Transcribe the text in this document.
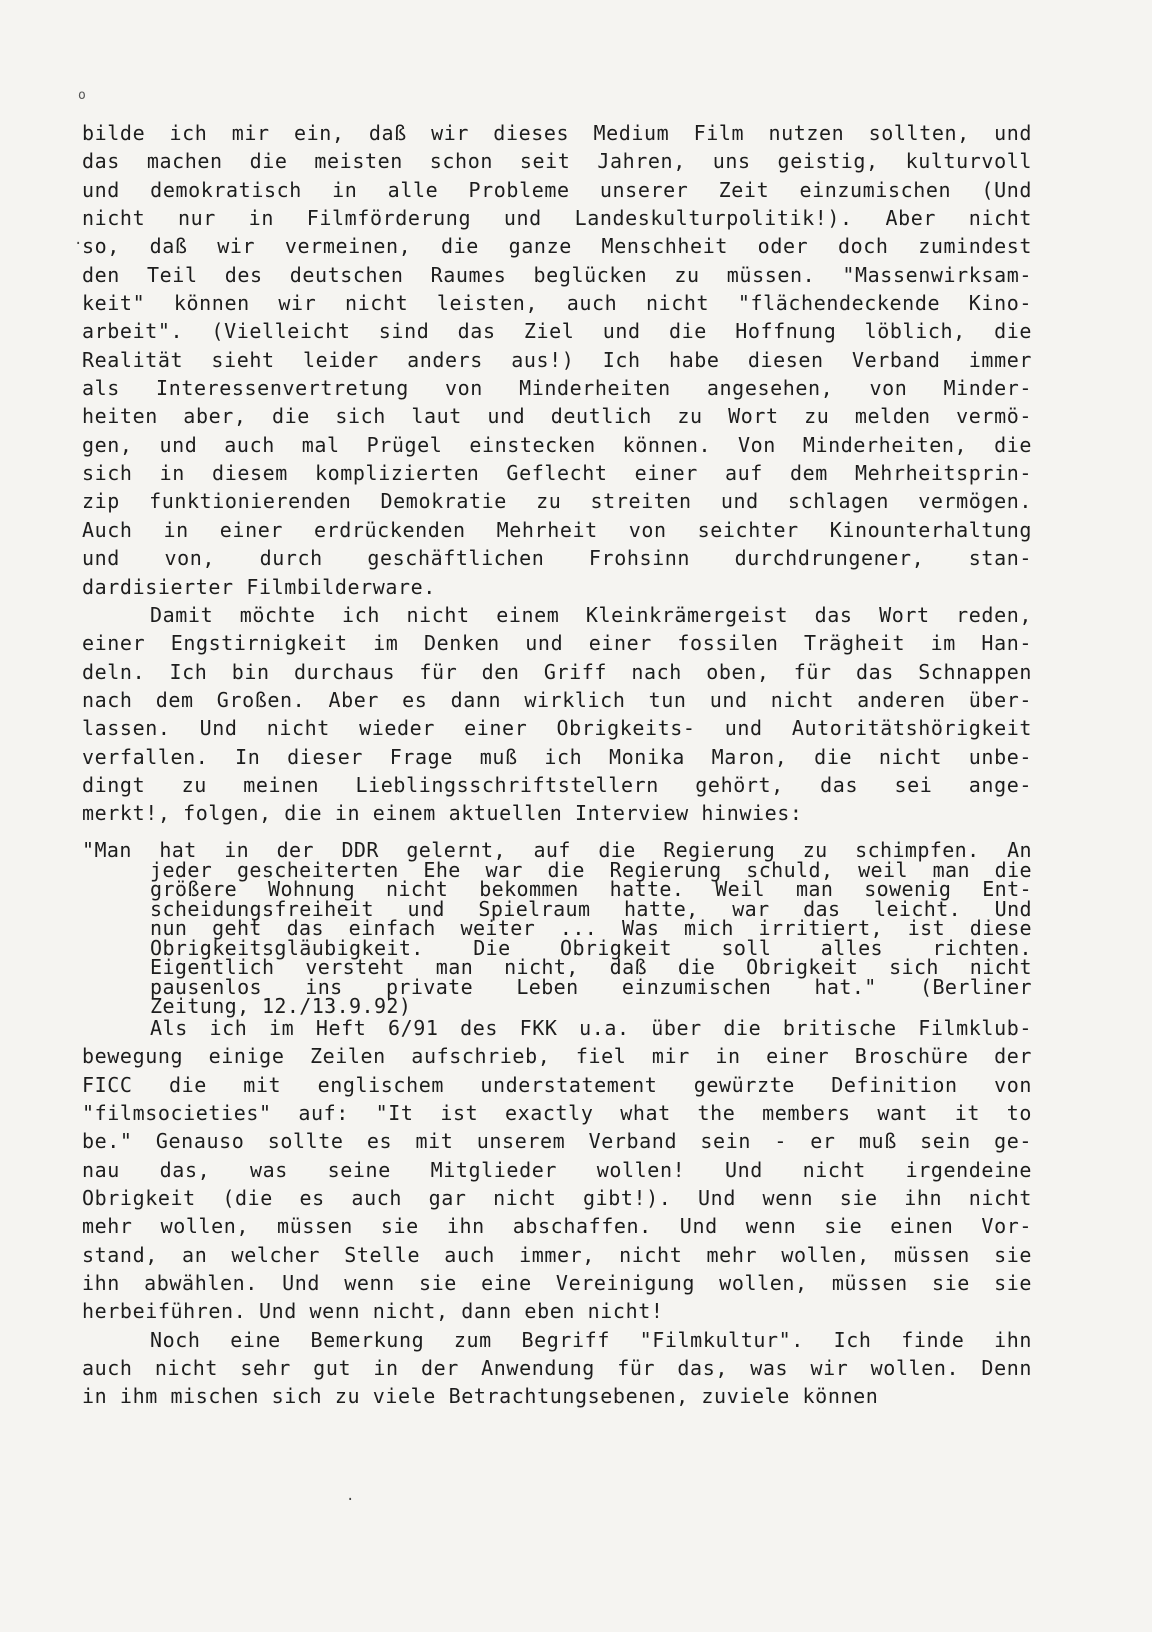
o
bilde ich mir ein, daß wir dieses Medium Film nutzen sollten, und
das machen die meisten schon seit Jahren, uns geistig, kulturvoll
und demokratisch in alle Probleme unserer Zeit einzumischen (Und
nicht nur in Filmförderung und Landeskulturpolitik!). Aber nicht
so, daß wir vermeinen, die ganze Menschheit oder doch zumindest
den Teil des deutschen Raumes beglücken zu müssen. "Massenwirksam-
keit" können wir nicht leisten, auch nicht "flächendeckende Kino-
arbeit". (Vielleicht sind das Ziel und die Hoffnung löblich, die
Realität sieht leider anders aus!) Ich habe diesen Verband immer
als Interessenvertretung von Minderheiten angesehen, von Minder-
heiten aber, die sich laut und deutlich zu Wort zu melden vermö-
gen, und auch mal Prügel einstecken können. Von Minderheiten, die
sich in diesem komplizierten Geflecht einer auf dem Mehrheitsprin-
zip funktionierenden Demokratie zu streiten und schlagen vermögen.
Auch in einer erdrückenden Mehrheit von seichter Kinounterhaltung
und von, durch geschäftlichen Frohsinn durchdrungener, stan-
dardisierter Filmbilderware.
Damit möchte ich nicht einem Kleinkrämergeist das Wort reden,
einer Engstirnigkeit im Denken und einer fossilen Trägheit im Han-
deln. Ich bin durchaus für den Griff nach oben, für das Schnappen
nach dem Großen. Aber es dann wirklich tun und nicht anderen über-
lassen. Und nicht wieder einer Obrigkeits- und Autoritätshörigkeit
verfallen. In dieser Frage muß ich Monika Maron, die nicht unbe-
dingt zu meinen Lieblingsschriftstellern gehört, das sei ange-
merkt!, folgen, die in einem aktuellen Interview hinwies:
"Man hat in der DDR gelernt, auf die Regierung zu schimpfen. An
jeder gescheiterten Ehe war die Regierung schuld, weil man die
größere Wohnung nicht bekommen hatte. Weil man sowenig Ent-
scheidungsfreiheit und Spielraum hatte, war das leicht. Und
nun geht das einfach weiter ... Was mich irritiert, ist diese
Obrigkeitsgläubigkeit. Die Obrigkeit soll alles richten.
Eigentlich versteht man nicht, daß die Obrigkeit sich nicht
pausenlos ins private Leben einzumischen hat." (Berliner
Zeitung, 12./13.9.92)
Als ich im Heft 6/91 des FKK u.a. über die britische Filmklub-
bewegung einige Zeilen aufschrieb, fiel mir in einer Broschüre der
FICC die mit englischem understatement gewürzte Definition von
"filmsocieties" auf: "It ist exactly what the members want it to
be." Genauso sollte es mit unserem Verband sein - er muß sein ge-
nau das, was seine Mitglieder wollen! Und nicht irgendeine
Obrigkeit (die es auch gar nicht gibt!). Und wenn sie ihn nicht
mehr wollen, müssen sie ihn abschaffen. Und wenn sie einen Vor-
stand, an welcher Stelle auch immer, nicht mehr wollen, müssen sie
ihn abwählen. Und wenn sie eine Vereinigung wollen, müssen sie sie
herbeiführen. Und wenn nicht, dann eben nicht!
Noch eine Bemerkung zum Begriff "Filmkultur". Ich finde ihn
auch nicht sehr gut in der Anwendung für das, was wir wollen. Denn
in ihm mischen sich zu viele Betrachtungsebenen, zuviele können
·
·
